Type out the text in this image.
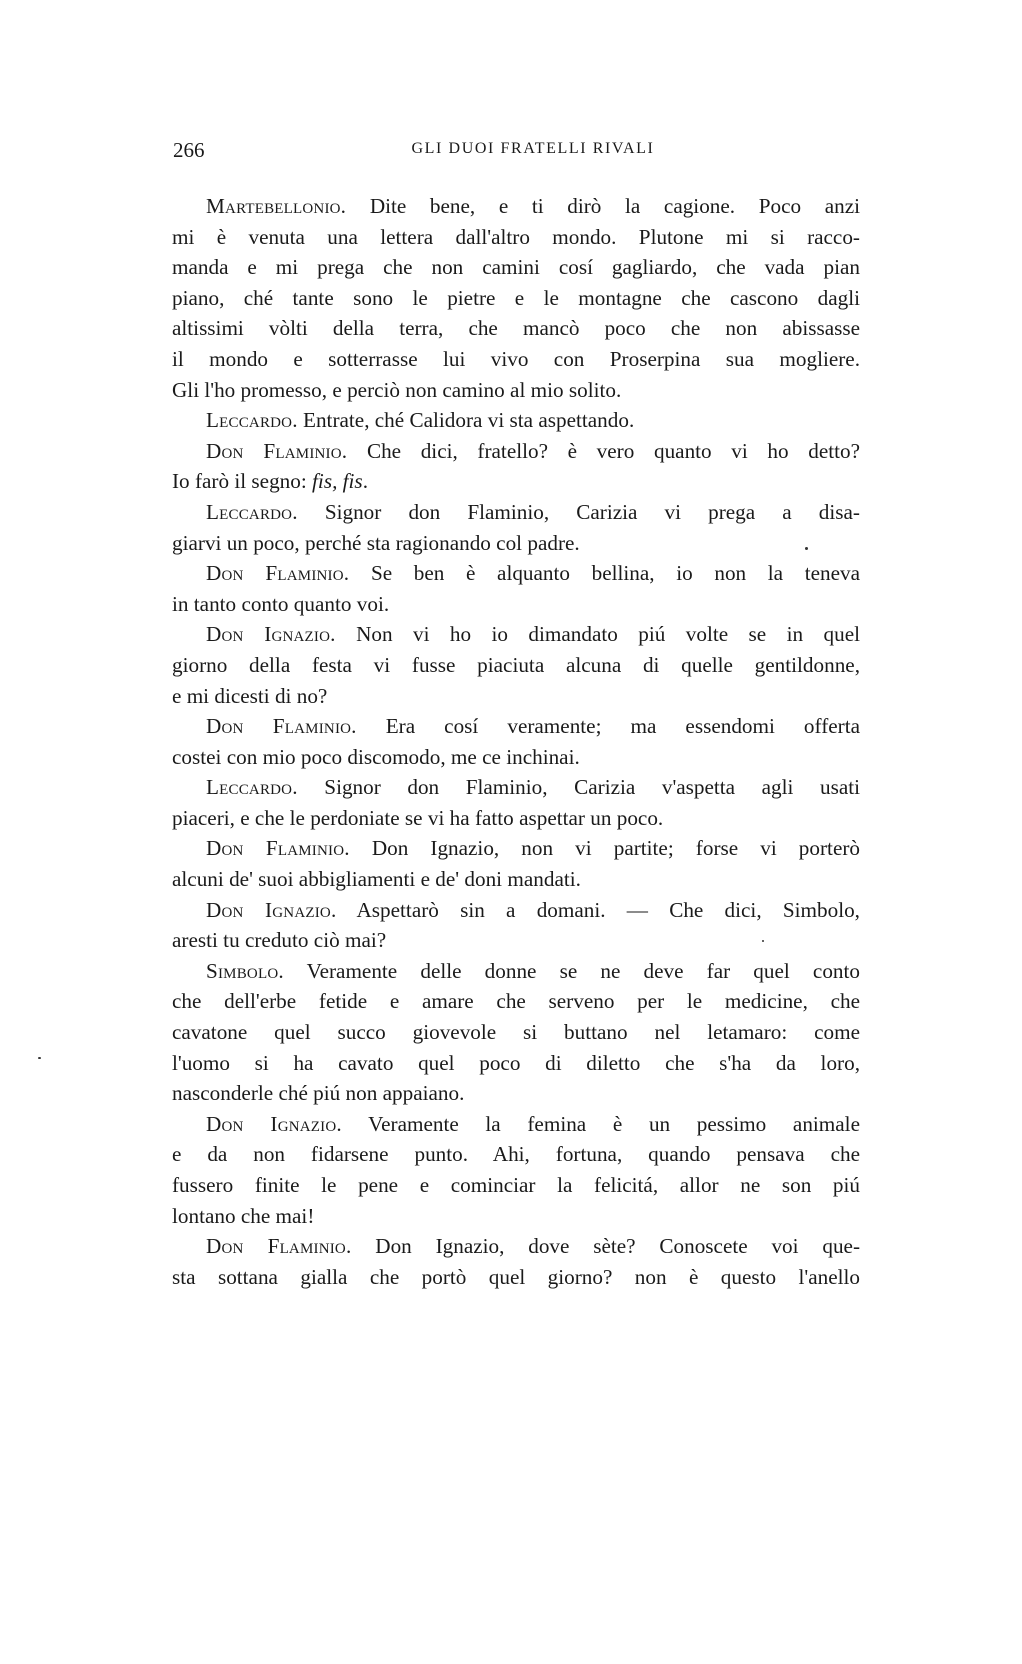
266	GLI DUOI FRATELLI RIVALI
Martebellonio. Dite bene, e ti dirò la cagione. Poco anzi
mi è venuta una lettera dall'altro mondo. Plutone mi si racco-
manda e mi prega che non camini cosí gagliardo, che vada pian
piano, ché tante sono le pietre e le montagne che cascono dagli
altissimi vòlti della terra, che mancò poco che non abissasse
il mondo e sotterrasse lui vivo con Proserpina sua mogliere.
Gli l'ho promesso, e perciò non camino al mio solito.
Leccardo. Entrate, ché Calidora vi sta aspettando.
Don Flaminio. Che dici, fratello? è vero quanto vi ho detto?
Io farò il segno: fis, fis.
Leccardo. Signor don Flaminio, Carizia vi prega a disa-
giarvi un poco, perché sta ragionando col padre.
Don Flaminio. Se ben è alquanto bellina, io non la teneva
in tanto conto quanto voi.
Don Ignazio. Non vi ho io dimandato piú volte se in quel
giorno della festa vi fusse piaciuta alcuna di quelle gentildonne,
e mi dicesti di no?
Don Flaminio. Era cosí veramente; ma essendomi offerta
costei con mio poco discomodo, me ce inchinai.
Leccardo. Signor don Flaminio, Carizia v'aspetta agli usati
piaceri, e che le perdoniate se vi ha fatto aspettar un poco.
Don Flaminio. Don Ignazio, non vi partite; forse vi porterò
alcuni de' suoi abbigliamenti e de' doni mandati.
Don Ignazio. Aspettarò sin a domani. — Che dici, Simbolo,
aresti tu creduto ciò mai?
Simbolo. Veramente delle donne se ne deve far quel conto
che dell'erbe fetide e amare che serveno per le medicine, che
cavatone quel succo giovevole si buttano nel letamaro: come
l'uomo si ha cavato quel poco di diletto che s'ha da loro,
nasconderle ché piú non appaiano.
Don Ignazio. Veramente la femina è un pessimo animale
e da non fidarsene punto. Ahi, fortuna, quando pensava che
fussero finite le pene e cominciar la felicitá, allor ne son piú
lontano che mai!
Don Flaminio. Don Ignazio, dove sète? Conoscete voi que-
sta sottana gialla che portò quel giorno? non è questo l'anello
